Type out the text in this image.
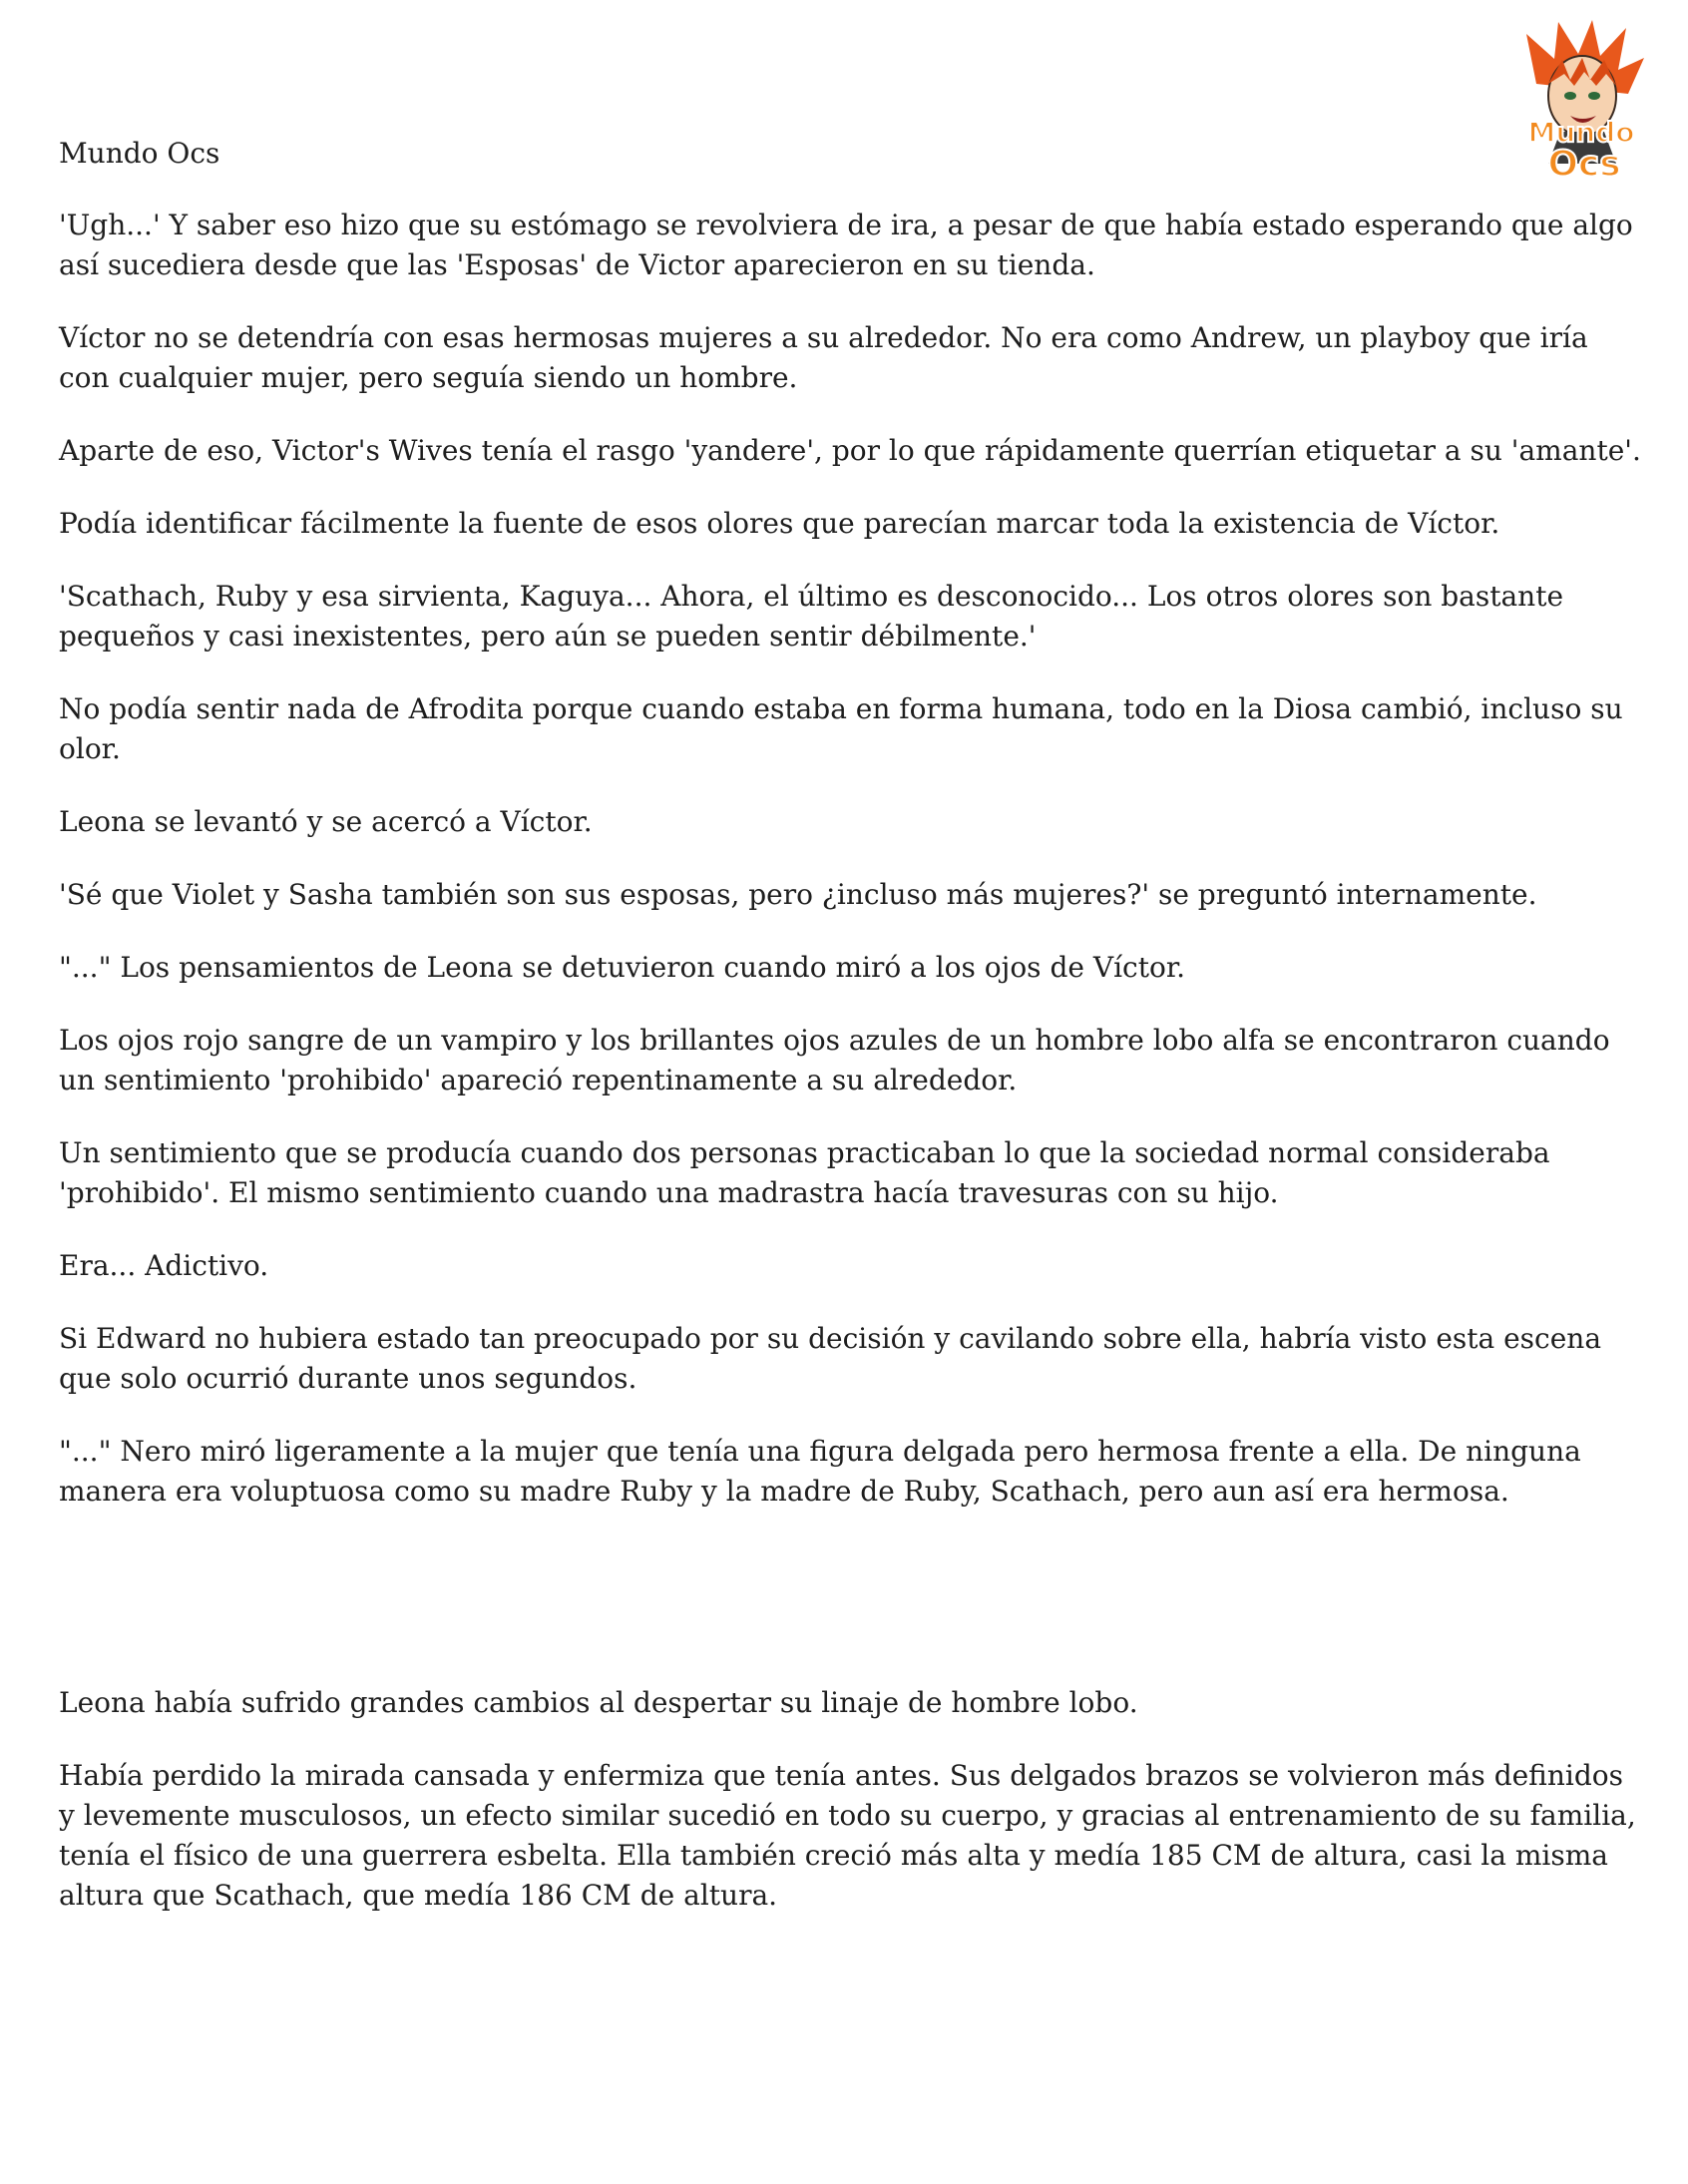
Mundo Ocs

Mundo
Ocs

'Ugh...' Y saber eso hizo que su estómago se revolviera de ira, a pesar de que había estado esperando que algo así sucediera desde que las 'Esposas' de Victor aparecieron en su tienda.

Víctor no se detendría con esas hermosas mujeres a su alrededor. No era como Andrew, un playboy que iría con cualquier mujer, pero seguía siendo un hombre.

Aparte de eso, Victor's Wives tenía el rasgo 'yandere', por lo que rápidamente querrían etiquetar a su 'amante'.

Podía identificar fácilmente la fuente de esos olores que parecían marcar toda la existencia de Víctor.

'Scathach, Ruby y esa sirvienta, Kaguya... Ahora, el último es desconocido... Los otros olores son bastante pequeños y casi inexistentes, pero aún se pueden sentir débilmente.'

No podía sentir nada de Afrodita porque cuando estaba en forma humana, todo en la Diosa cambió, incluso su olor.

Leona se levantó y se acercó a Víctor.

'Sé que Violet y Sasha también son sus esposas, pero ¿incluso más mujeres?' se preguntó internamente.

"..." Los pensamientos de Leona se detuvieron cuando miró a los ojos de Víctor.

Los ojos rojo sangre de un vampiro y los brillantes ojos azules de un hombre lobo alfa se encontraron cuando un sentimiento 'prohibido' apareció repentinamente a su alrededor.

Un sentimiento que se producía cuando dos personas practicaban lo que la sociedad normal consideraba 'prohibido'. El mismo sentimiento cuando una madrastra hacía travesuras con su hijo.

Era... Adictivo.

Si Edward no hubiera estado tan preocupado por su decisión y cavilando sobre ella, habría visto esta escena que solo ocurrió durante unos segundos.

"..." Nero miró ligeramente a la mujer que tenía una figura delgada pero hermosa frente a ella. De ninguna manera era voluptuosa como su madre Ruby y la madre de Ruby, Scathach, pero aun así era hermosa.

Leona había sufrido grandes cambios al despertar su linaje de hombre lobo.

Había perdido la mirada cansada y enfermiza que tenía antes. Sus delgados brazos se volvieron más definidos y levemente musculosos, un efecto similar sucedió en todo su cuerpo, y gracias al entrenamiento de su familia, tenía el físico de una guerrera esbelta. Ella también creció más alta y medía 185 CM de altura, casi la misma altura que Scathach, que medía 186 CM de altura.
